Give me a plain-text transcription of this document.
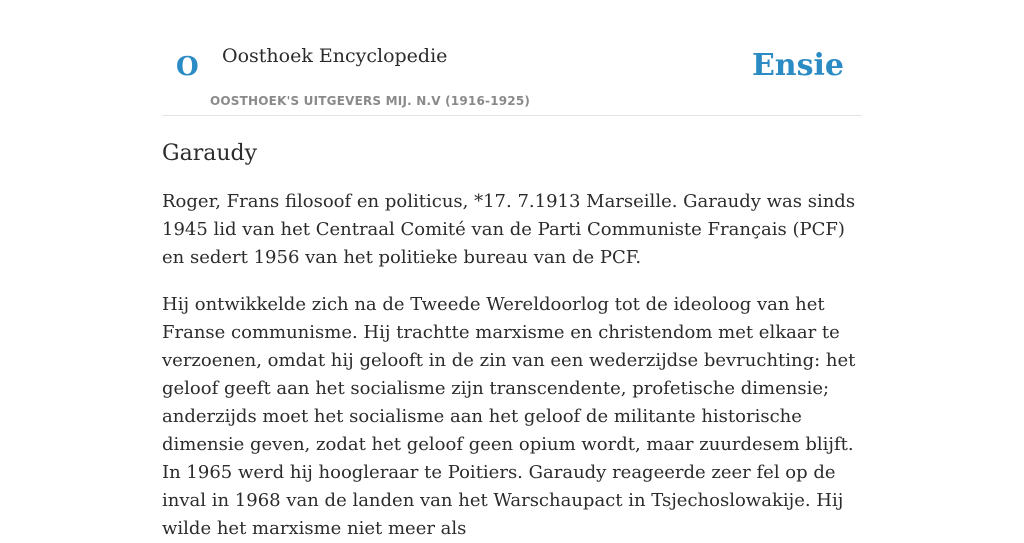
O Oosthoek Encyclopedie
OOSTHOEK'S UITGEVERS MIJ. N.V (1916-1925)
Ensie
Garaudy

Roger, Frans filosoof en politicus, *17. 7.1913 Marseille. Garaudy was sinds 1945 lid van het Centraal Comité van de Parti Communiste Français (PCF) en sedert 1956 van het politieke bureau van de PCF.

Hij ontwikkelde zich na de Tweede Wereldoorlog tot de ideoloog van het Franse communisme. Hij trachtte marxisme en christendom met elkaar te verzoenen, omdat hij gelooft in de zin van een wederzijdse bevruchting: het geloof geeft aan het socialisme zijn transcendente, profetische dimensie; anderzijds moet het socialisme aan het geloof de militante historische dimensie geven, zodat het geloof geen opium wordt, maar zuurdesem blijft. In 1965 werd hij hoogleraar te Poitiers. Garaudy reageerde zeer fel op de inval in 1968 van de landen van het Warschaupact in Tsjechoslowakije. Hij wilde het marxisme niet meer als
